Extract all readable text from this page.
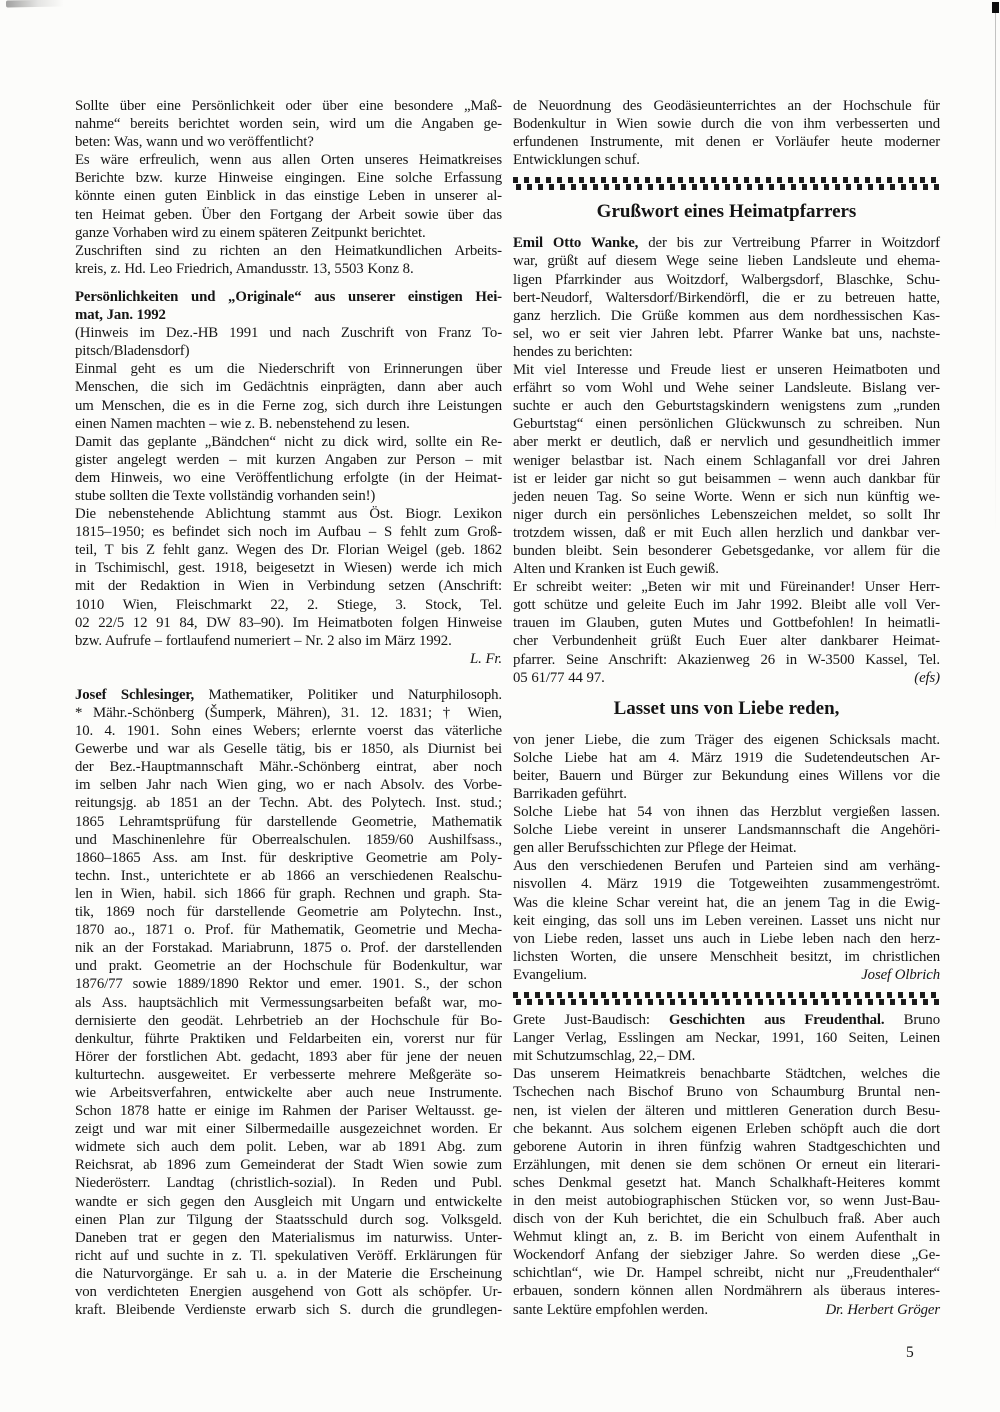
Sollte über eine Persönlichkeit oder über eine besondere „Maß-
nahme“ bereits berichtet worden sein, wird um die Angaben ge-
beten: Was, wann und wo veröffentlicht?
Es wäre erfreulich, wenn aus allen Orten unseres Heimatkreises
Berichte bzw. kurze Hinweise eingingen. Eine solche Erfassung
könnte einen guten Einblick in das einstige Leben in unserer al-
ten Heimat geben. Über den Fortgang der Arbeit sowie über das
ganze Vorhaben wird zu einem späteren Zeitpunkt berichtet.
Zuschriften sind zu richten an den Heimatkundlichen Arbeits-
kreis, z. Hd. Leo Friedrich, Amandusstr. 13, 5503 Konz 8.
Persönlichkeiten und „Originale“ aus unserer einstigen Hei-
mat, Jan. 1992
(Hinweis im Dez.-HB 1991 und nach Zuschrift von Franz To-
pitsch/Bladensdorf)
Einmal geht es um die Niederschrift von Erinnerungen über
Menschen, die sich im Gedächtnis einprägten, dann aber auch
um Menschen, die es in die Ferne zog, sich durch ihre Leistungen
einen Namen machten – wie z. B. nebenstehend zu lesen.
Damit das geplante „Bändchen“ nicht zu dick wird, sollte ein Re-
gister angelegt werden – mit kurzen Angaben zur Person – mit
dem Hinweis, wo eine Veröffentlichung erfolgte (in der Heimat-
stube sollten die Texte vollständig vorhanden sein!)
Die nebenstehende Ablichtung stammt aus Öst. Biogr. Lexikon
1815–1950; es befindet sich noch im Aufbau – S fehlt zum Groß-
teil, T bis Z fehlt ganz. Wegen des Dr. Florian Weigel (geb. 1862
in Tschimischl, gest. 1918, beigesetzt in Wiesen) werde ich mich
mit der Redaktion in Wien in Verbindung setzen (Anschrift:
1010 Wien, Fleischmarkt 22, 2. Stiege, 3. Stock, Tel.
02 22/5 12 91 84, DW 83–90). Im Heimatboten folgen Hinweise
bzw. Aufrufe – fortlaufend numeriert – Nr. 2 also im März 1992.
L. Fr.
Josef Schlesinger, Mathematiker, Politiker und Naturphilosoph.
* Mähr.-Schönberg (Šumperk, Mähren), 31. 12. 1831; † Wien,
10. 4. 1901. Sohn eines Webers; erlernte voerst das väterliche
Gewerbe und war als Geselle tätig, bis er 1850, als Diurnist bei
der Bez.-Hauptmannschaft Mähr.-Schönberg eintrat, aber noch
im selben Jahr nach Wien ging, wo er nach Absolv. des Vorbe-
reitungsjg. ab 1851 an der Techn. Abt. des Polytech. Inst. stud.;
1865 Lehramtsprüfung für darstellende Geometrie, Mathematik
und Maschinenlehre für Oberrealschulen. 1859/60 Aushilfsass.,
1860–1865 Ass. am Inst. für deskriptive Geometrie am Poly-
techn. Inst., unterichtete er ab 1866 an verschiedenen Realschu-
len in Wien, habil. sich 1866 für graph. Rechnen und graph. Sta-
tik, 1869 noch für darstellende Geometrie am Polytechn. Inst.,
1870 ao., 1871 o. Prof. für Mathematik, Geometrie und Mecha-
nik an der Forstakad. Mariabrunn, 1875 o. Prof. der darstellenden
und prakt. Geometrie an der Hochschule für Bodenkultur, war
1876/77 sowie 1889/1890 Rektor und emer. 1901. S., der schon
als Ass. hauptsächlich mit Vermessungsarbeiten befaßt war, mo-
dernisierte den geodät. Lehrbetrieb an der Hochschule für Bo-
denkultur, führte Praktiken und Feldarbeiten ein, vorerst nur für
Hörer der forstlichen Abt. gedacht, 1893 aber für jene der neuen
kulturtechn. ausgeweitet. Er verbesserte mehrere Meßgeräte so-
wie Arbeitsverfahren, entwickelte aber auch neue Instrumente.
Schon 1878 hatte er einige im Rahmen der Pariser Weltausst. ge-
zeigt und war mit einer Silbermedaille ausgezeichnet worden. Er
widmete sich auch dem polit. Leben, war ab 1891 Abg. zum
Reichsrat, ab 1896 zum Gemeinderat der Stadt Wien sowie zum
Niederösterr. Landtag (christlich-sozial). In Reden und Publ.
wandte er sich gegen den Ausgleich mit Ungarn und entwickelte
einen Plan zur Tilgung der Staatsschuld durch sog. Volksgeld.
Daneben trat er gegen den Materialismus im naturwiss. Unter-
richt auf und suchte in z. Tl. spekulativen Veröff. Erklärungen für
die Naturvorgänge. Er sah u. a. in der Materie die Erscheinung
von verdichteten Energien ausgehend von Gott als schöpfer. Ur-
kraft. Bleibende Verdienste erwarb sich S. durch die grundlegen-
de Neuordnung des Geodäsieunterrichtes an der Hochschule für
Bodenkultur in Wien sowie durch die von ihm verbesserten und
erfundenen Instrumente, mit denen er Vorläufer heute moderner
Entwicklungen schuf.
Grußwort eines Heimatpfarrers
Emil Otto Wanke, der bis zur Vertreibung Pfarrer in Woitzdorf
war, grüßt auf diesem Wege seine lieben Landsleute und ehema-
ligen Pfarrkinder aus Woitzdorf, Walbergsdorf, Blaschke, Schu-
bert-Neudorf, Waltersdorf/Birkendörfl, die er zu betreuen hatte,
ganz herzlich. Die Grüße kommen aus dem nordhessischen Kas-
sel, wo er seit vier Jahren lebt. Pfarrer Wanke bat uns, nachste-
hendes zu berichten:
Mit viel Interesse und Freude liest er unseren Heimatboten und
erfährt so vom Wohl und Wehe seiner Landsleute. Bislang ver-
suchte er auch den Geburtstagskindern wenigstens zum „runden
Geburtstag“ einen persönlichen Glückwunsch zu schreiben. Nun
aber merkt er deutlich, daß er nervlich und gesundheitlich immer
weniger belastbar ist. Nach einem Schlaganfall vor drei Jahren
ist er leider gar nicht so gut beisammen – wenn auch dankbar für
jeden neuen Tag. So seine Worte. Wenn er sich nun künftig we-
niger durch ein persönliches Lebenszeichen meldet, so sollt Ihr
trotzdem wissen, daß er mit Euch allen herzlich und dankbar ver-
bunden bleibt. Sein besonderer Gebetsgedanke, vor allem für die
Alten und Kranken ist Euch gewiß.
Er schreibt weiter: „Beten wir mit und Füreinander! Unser Herr-
gott schütze und geleite Euch im Jahr 1992. Bleibt alle voll Ver-
trauen im Glauben, guten Mutes und Gottbefohlen! In heimatli-
cher Verbundenheit grüßt Euch Euer alter dankbarer Heimat-
pfarrer. Seine Anschrift: Akazienweg 26 in W-3500 Kassel, Tel.
05 61/77 44 97.	(efs)
Lasset uns von Liebe reden,
von jener Liebe, die zum Träger des eigenen Schicksals macht.
Solche Liebe hat am 4. März 1919 die Sudetendeutschen Ar-
beiter, Bauern und Bürger zur Bekundung eines Willens vor die
Barrikaden geführt.
Solche Liebe hat 54 von ihnen das Herzblut vergießen lassen.
Solche Liebe vereint in unserer Landsmannschaft die Angehöri-
gen aller Berufsschichten zur Pflege der Heimat.
Aus den verschiedenen Berufen und Parteien sind am verhäng-
nisvollen 4. März 1919 die Totgeweihten zusammengeströmt.
Was die kleine Schar vereint hat, die an jenem Tag in die Ewig-
keit einging, das soll uns im Leben vereinen. Lasset uns nicht nur
von Liebe reden, lasset uns auch in Liebe leben nach den herz-
lichsten Worten, die unsere Menschheit besitzt, im christlichen
Evangelium.	Josef Olbrich
Grete Just-Baudisch: Geschichten aus Freudenthal. Bruno
Langer Verlag, Esslingen am Neckar, 1991, 160 Seiten, Leinen
mit Schutzumschlag, 22,– DM.
Das unserem Heimatkreis benachbarte Städtchen, welches die
Tschechen nach Bischof Bruno von Schaumburg Bruntal nen-
nen, ist vielen der älteren und mittleren Generation durch Besu-
che bekannt. Aus solchem eigenen Erleben schöpft auch die dort
geborene Autorin in ihren fünfzig wahren Stadtgeschichten und
Erzählungen, mit denen sie dem schönen Or erneut ein literari-
sches Denkmal gesetzt hat. Manch Schalkhaft-Heiteres kommt
in den meist autobiographischen Stücken vor, so wenn Just-Bau-
disch von der Kuh berichtet, die ein Schulbuch fraß. Aber auch
Wehmut klingt an, z. B. im Bericht von einem Aufenthalt in
Wockendorf Anfang der siebziger Jahre. So werden diese „Ge-
schichtlan“, wie Dr. Hampel schreibt, nicht nur „Freudenthaler“
erbauen, sondern können allen Nordmährern als überaus interes-
sante Lektüre empfohlen werden.	Dr. Herbert Gröger
5
